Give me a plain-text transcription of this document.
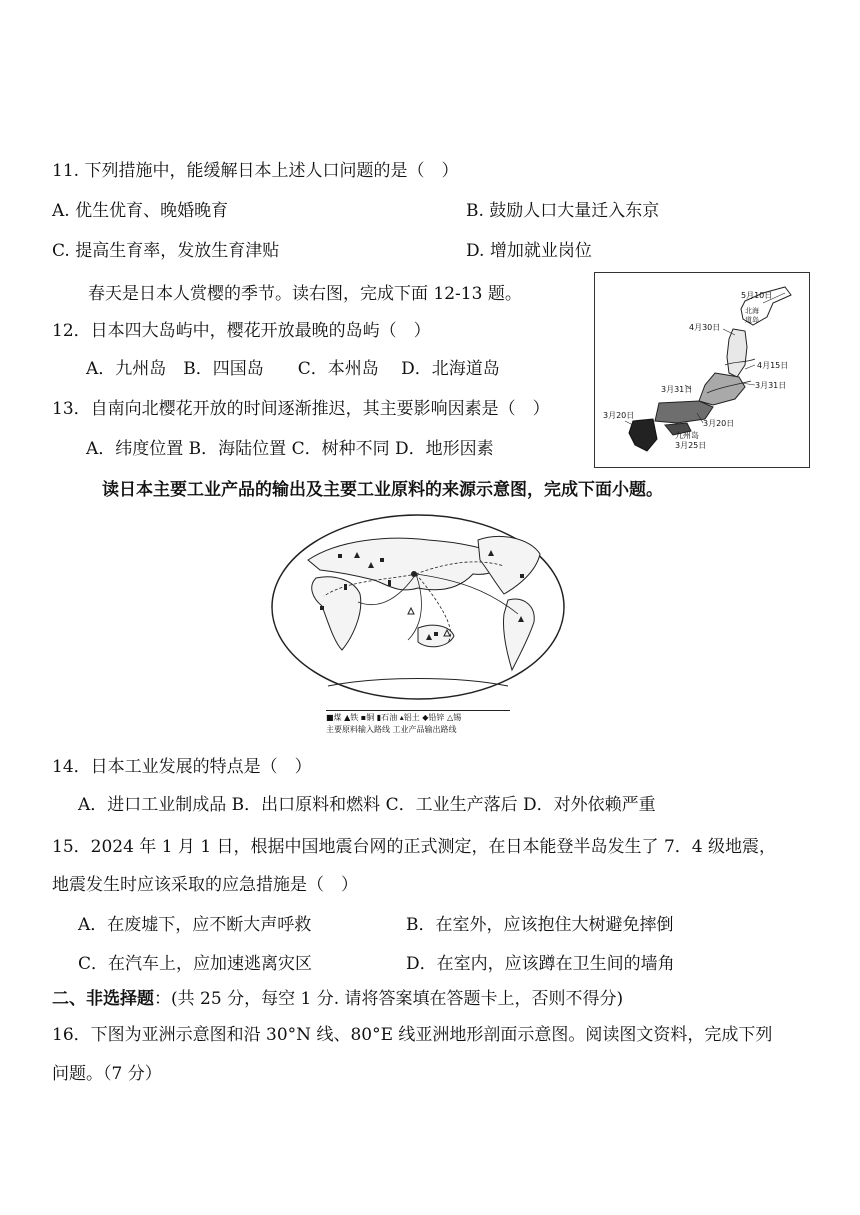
11. 下列措施中，能缓解日本上述人口问题的是（　）
A. 优生优育、晚婚晚育	B. 鼓励人口大量迁入东京
C. 提高生育率，发放生育津贴	D. 增加就业岗位
春天是日本人赏樱的季节。读右图，完成下面 12-13 题。
12．日本四大岛屿中，樱花开放最晚的岛屿（　）
A．九州岛　B．四国岛　　C．本州岛　 D．北海道岛
13．自南向北樱花开放的时间逐渐推迟，其主要影响因素是（　）
A．纬度位置 B．海陆位置 C．树种不同 D．地形因素
5月10日
北海道岛
4月30日
4月15日
3月31日
3月31日
3月20日
3月20日
九州岛
3月25日
读日本主要工业产品的输出及主要工业原料的来源示意图，完成下面小题。
■煤 ▲铁 ▪铜 ▮石油 ▴铝土 ◆铅锌 △锡
主要原料输入路线 工业产品输出路线
14．日本工业发展的特点是（　）
A．进口工业制成品 B．出口原料和燃料 C．工业生产落后 D．对外依赖严重
15．2024 年 1 月 1 日，根据中国地震台网的正式测定，在日本能登半岛发生了 7．4 级地震，
地震发生时应该采取的应急措施是（　）
A．在废墟下，应不断大声呼救	B．在室外，应该抱住大树避免摔倒
C．在汽车上，应加速逃离灾区	D．在室内，应该蹲在卫生间的墙角
二、非选择题：(共 25 分，每空 1 分. 请将答案填在答题卡上，否则不得分)
16．下图为亚洲示意图和沿 30°N 线、80°E 线亚洲地形剖面示意图。阅读图文资料，完成下列
问题。（7 分）
